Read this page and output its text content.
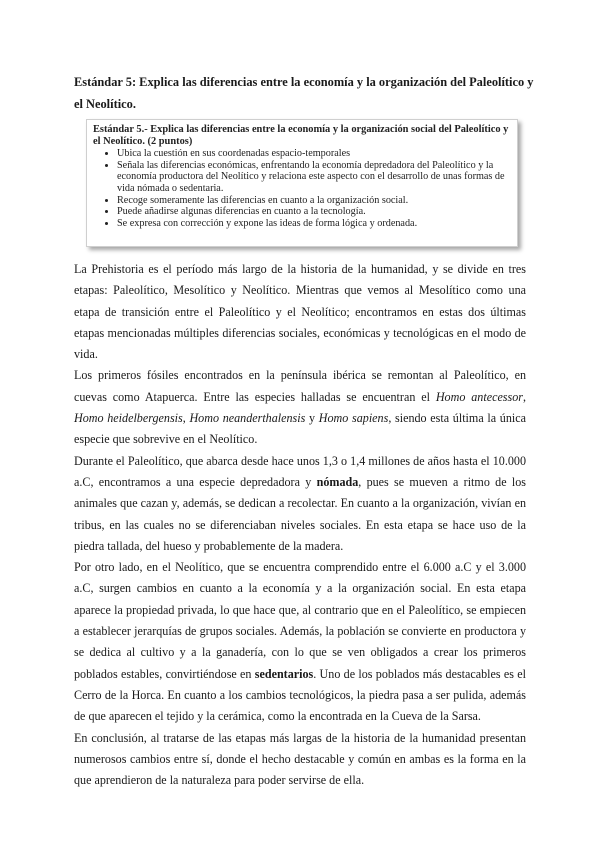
Estándar 5: Explica las diferencias entre la economía y la organización del Paleolítico y el Neolítico.

Estándar 5.- Explica las diferencias entre la economía y la organización social del Paleolítico y el Neolítico. (2 puntos)

• Ubica la cuestión en sus coordenadas espacio-temporales
• Señala las diferencias económicas, enfrentando la economía depredadora del Paleolítico y la economía productora del Neolítico y relaciona este aspecto con el desarrollo de unas formas de vida nómada o sedentaria.
• Recoge someramente las diferencias en cuanto a la organización social.
• Puede añadirse algunas diferencias en cuanto a la tecnología.
• Se expresa con corrección y expone las ideas de forma lógica y ordenada.

La Prehistoria es el período más largo de la historia de la humanidad, y se divide en tres etapas: Paleolítico, Mesolítico y Neolítico. Mientras que vemos al Mesolítico como una etapa de transición entre el Paleolítico y el Neolítico; encontramos en estas dos últimas etapas mencionadas múltiples diferencias sociales, económicas y tecnológicas en el modo de vida.

Los primeros fósiles encontrados en la península ibérica se remontan al Paleolítico, en cuevas como Atapuerca. Entre las especies halladas se encuentran el Homo antecessor, Homo heidelbergensis, Homo neanderthalensis y Homo sapiens, siendo esta última la única especie que sobrevive en el Neolítico.

Durante el Paleolítico, que abarca desde hace unos 1,3 o 1,4 millones de años hasta el 10.000 a.C, encontramos a una especie depredadora y nómada, pues se mueven a ritmo de los animales que cazan y, además, se dedican a recolectar. En cuanto a la organización, vivían en tribus, en las cuales no se diferenciaban niveles sociales. En esta etapa se hace uso de la piedra tallada, del hueso y probablemente de la madera.

Por otro lado, en el Neolítico, que se encuentra comprendido entre el 6.000 a.C y el 3.000 a.C, surgen cambios en cuanto a la economía y a la organización social. En esta etapa aparece la propiedad privada, lo que hace que, al contrario que en el Paleolítico, se empiecen a establecer jerarquías de grupos sociales. Además, la población se convierte en productora y se dedica al cultivo y a la ganadería, con lo que se ven obligados a crear los primeros poblados estables, convirtiéndose en sedentarios. Uno de los poblados más destacables es el Cerro de la Horca. En cuanto a los cambios tecnológicos, la piedra pasa a ser pulida, además de que aparecen el tejido y la cerámica, como la encontrada en la Cueva de la Sarsa.

En conclusión, al tratarse de las etapas más largas de la historia de la humanidad presentan numerosos cambios entre sí, donde el hecho destacable y común en ambas es la forma en la que aprendieron de la naturaleza para poder servirse de ella.
